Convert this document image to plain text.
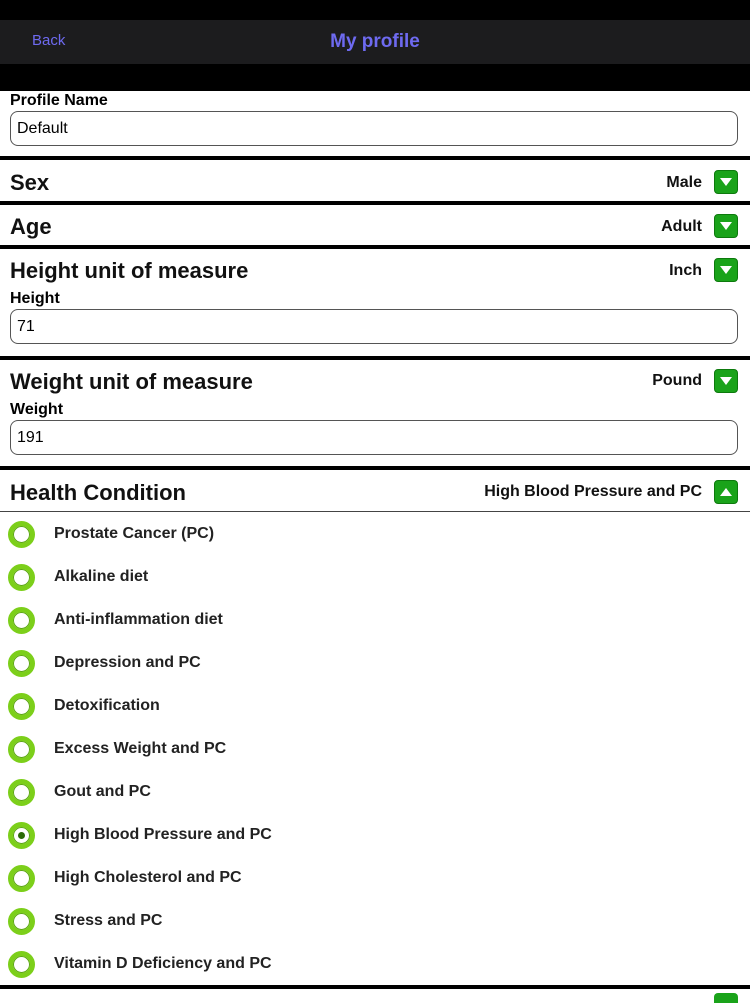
Back	My profile
Profile Name
Default
Sex	Male
Age	Adult
Height unit of measure	Inch
Height
71
Weight unit of measure	Pound
Weight
191
Health Condition	High Blood Pressure and PC
Prostate Cancer (PC)
Alkaline diet
Anti-inflammation diet
Depression and PC
Detoxification
Excess Weight and PC
Gout and PC
High Blood Pressure and PC
High Cholesterol and PC
Stress and PC
Vitamin D Deficiency and PC
